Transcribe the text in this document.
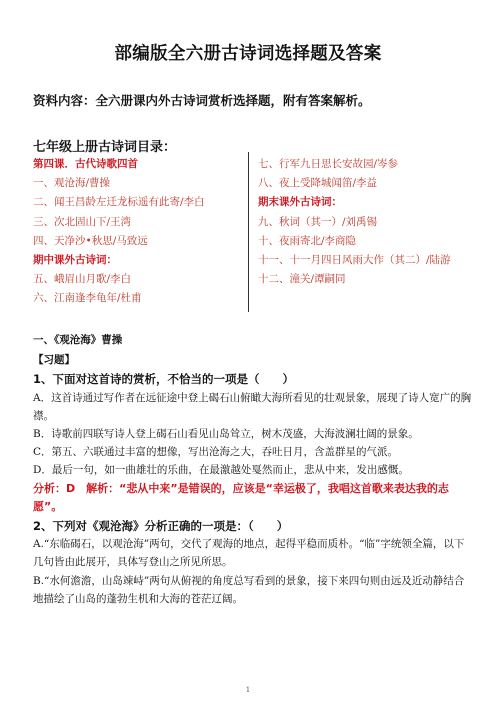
部编版全六册古诗词选择题及答案
资料内容：全六册课内外古诗词赏析选择题，附有答案解析。
七年级上册古诗词目录：
第四课．古代诗歌四首
一、观沧海/曹操
二、闻王昌龄左迁龙标遥有此寄/李白
三、次北固山下/王湾
四、天净沙•秋思/马致远
期中课外古诗词：
五、峨眉山月歌/李白
六、江南逢李龟年/杜甫
七、行军九日思长安故园/岑参
八、夜上受降城闻笛/李益
期末课外古诗词：
九、秋词（其一）/刘禹锡
十、夜雨寄北/李商隐
十一、十一月四日风雨大作（其二）/陆游
十二、潼关/谭嗣同
一、《观沧海》曹操
【习题】
1、下面对这首诗的赏析，不恰当的一项是（　　）
A．这首诗通过写作者在远征途中登上碣石山俯瞰大海所看见的壮观景象，展现了诗人宽广的胸襟。
B．诗歌前四联写诗人登上碣石山看见山岛耸立，树木茂盛，大海波澜壮阔的景象。
C．第五、六联通过丰富的想像，写出沧海之大，吞吐日月，含盖群星的气派。
D．最后一句，如一曲雄壮的乐曲，在最激越处戛然而止，悲从中来，发出感慨。
分析：D　解析：“悲从中来”是错误的，应该是“幸运极了，我唱这首歌来表达我的志愿”。
2、下列对《观沧海》分析正确的一项是：（　　）
A.“东临碣石，以观沧海”两句，交代了观海的地点，起得平稳而质朴。“临”字统领全篇，以下几句皆由此展开，具体写登山之所见所思。
B.“水何澹澹，山岛竦峙”两句从俯视的角度总写看到的景象，接下来四句则由远及近动静结合地描绘了山岛的蓬勃生机和大海的苍茫辽阔。
1
